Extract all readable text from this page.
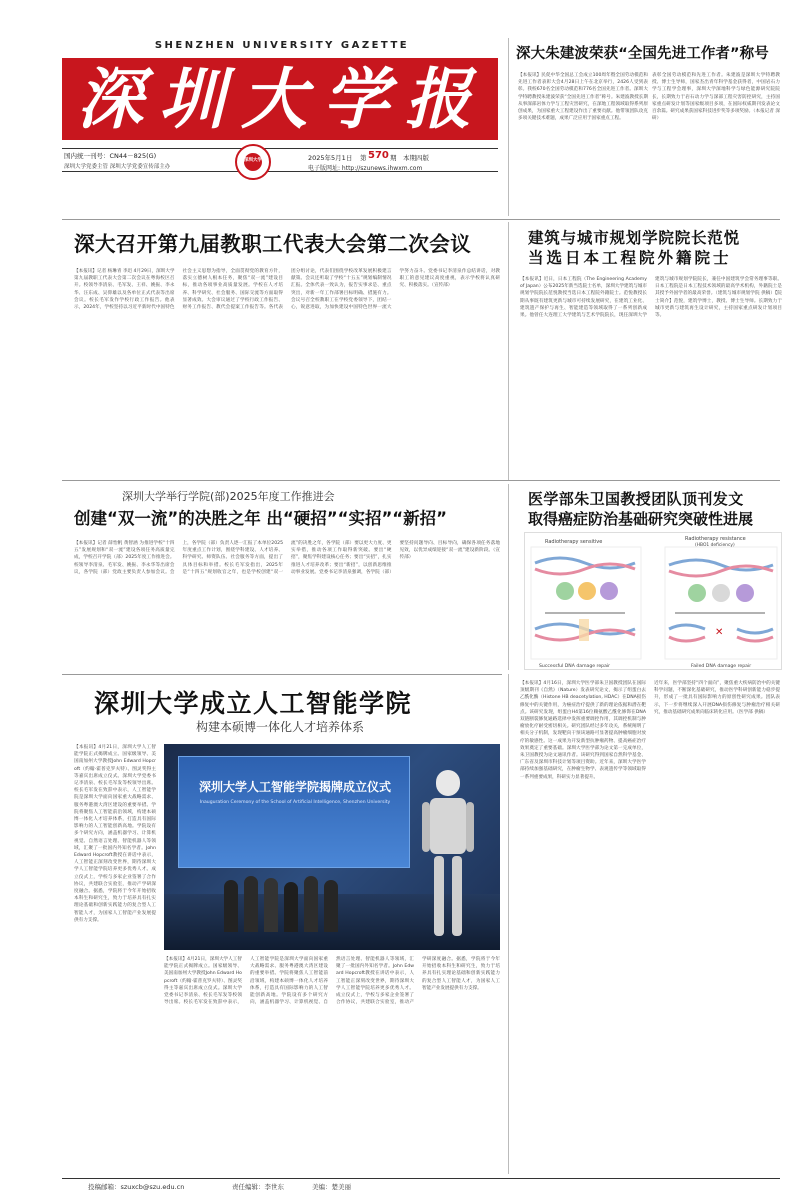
SHENZHEN UNIVERSITY GAZETTE
深圳大学报
国内统一刊号：CN44－825(G)
深圳大学党委主管 深圳大学党委宣传部主办
深圳大学	2025年5月1日 第 570 期 本期四版
电子版网址: http://szunews.ihwxm.com
深大朱建波荣获“全国先进工作者”称号
【本报讯】民促中华全国总工会成立100周年暨全国劳动模范和先进工作者表彰大会4月28日上午在北京举行，2426人受到表彰。我校670名全国劳动模范和776名全国先进工作者。深圳大学特聘教授朱建波荣获“全国先进工作者”称号。朱建波教授长期从事深部岩体力学与工程灾害研究，在深地工程领域取得系列原创成果，为国家重大工程建设作出了重要贡献。他带领团队攻克多项关键技术难题，成果广泛应用于国家重点工程。
表彰全国劳动模范和先进工作者。朱建波是深圳大学特聘教授、博士生导师，国家杰出青年科学基金获得者，中国岩石力学与工程学会理事，深圳大学深地科学与绿色能源研究院院长，长期致力于岩石动力学与深部工程灾害防控研究，主持国家重点研发计划等国家级项目多项，在国际权威期刊发表论文百余篇。研究成果获国家科技进步奖等多项奖励。（本报记者 深研）
深大召开第九届教职工代表大会第二次会议
【本报讯】记者 杨琳青 李迅 4月29日，深圳大学第九届教职工代表大会第二次会议在粤海校区召开。校领导李清泉、毛军发、王祥、姚振、李永华、汪东成、吴仰雄以及各单位正式代表等出席会议。校长毛军发作学校行政工作报告。他表示，2024年，学校坚持以习近平新时代中国特色社会主义思想为指导，全面贯彻党的教育方针，落实立德树人根本任务，聚焦“双一流”建设目标，推动各项事业高质量发展。学校在人才培养、科学研究、社会服务、国际交流等方面取得显著成效。大会审议通过了学校行政工作报告、财务工作报告、教代会提案工作报告等。各代表团分组讨论，代表们围绕学校改革发展积极建言献策。会议还听取了学校“十五五”规划编制情况汇报。全体代表一致认为，报告实事求是、重点突出，对新一年工作部署目标明确、措施有力。会议号召全校教职工在学校党委领导下，团结一心，锐意进取，为加快建设中国特色世界一流大学努力奋斗。党委书记李清泉作总结讲话，对教职工的意见建议高度重视，表示学校将认真研究、积极落实。（宣传部）
建筑与城市规划学院院长范悦
当选日本工程院外籍院士
【本报讯】近日，日本工程院（The Engineering Academy of Japan）公布2025年新当选院士名单，深圳大学建筑与城市规划学院院长范悦教授当选日本工程院外籍院士。范悦教授长期从事既有建筑更新与城市可持续发展研究，在建筑工业化、建筑遗产保护与再生、智能建造等领域取得了一系列创新成果。他曾任大连理工大学建筑与艺术学院院长，现任深圳大学建筑与城市规划学院院长，兼任中国建筑学会常务理事等职。日本工程院是日本工程技术领域的最高学术机构，外籍院士是其授予外国学者的最高荣誉。（建筑与城市规划学院 供稿）【院士简介】范悦，建筑学博士，教授、博士生导师。长期致力于城市更新与建筑再生设计研究，主持国家重点研发计划项目等。
深圳大学举行学院(部)2025年度工作推进会
创建“双一流”的决胜之年 出“硬招”“实招”“新招”
【本报讯】记者 薛怡帆 黄智涵 为推进学校“十四五”发展规划和“双一流”建设各项任务高质量完成，学校召开学院（部）2025年度工作推进会。校领导李清泉、毛军发、姚振、李永华等出席会议，各学院（部）党政主要负责人参加会议。会上，各学院（部）负责人逐一汇报了本单位2025年度重点工作计划，围绕学科建设、人才培养、科学研究、师资队伍、社会服务等方面，提出了具体目标和举措。校长毛军发指出，2025年是“十四五”规划收官之年，也是学校创建“双一流”的决胜之年，各学院（部）要以更大力度、更实举措，推动各项工作取得新突破。要出“硬招”，聚焦学科建设核心任务；要出“实招”，扎实推进人才培养改革；要出“新招”，以创新思维推动事业发展。党委书记李清泉强调，各学院（部）要坚持问题导向、目标导向，确保各项任务落地见效，以优异成绩迎接“双一流”建设新阶段。（宣传部）
医学部朱卫国教授团队顶刊发文
取得癌症防治基础研究突破性进展
Radiotherapy sensitive
Successful DNA damage repair
✕
Radiotherapy resistance
(HBO1 deficiency)
Failed DNA damage repair
深圳大学成立人工智能学院
构建本硕博一体化人才培养体系
【本报讯】4月21日，深圳大学人工智能学院正式揭牌成立。国家级领导、美国南加州大学教授John Edward Hopcroft（约翰·霍普克罗夫特）、图灵奖得主等嘉宾出席成立仪式。深圳大学党委书记李清泉、校长毛军发等校领导出席。校长毛军发在致辞中表示，人工智能学院是深圳大学面向国家重大战略需求、服务粤港澳大湾区建设的重要举措。学院将聚焦人工智能前沿领域，构建本硕博一体化人才培养体系，打造具有国际影响力的人工智能创新高地。学院设有多个研究方向，涵盖机器学习、计算机视觉、自然语言处理、智能机器人等领域，汇聚了一批国内外知名学者。John Edward Hopcroft教授在讲话中表示，人工智能正深刻改变世界，期待深圳大学人工智能学院培养更多优秀人才。成立仪式上，学校与多家企业签署了合作协议，共建联合实验室，推动产学研深度融合。据悉，学院将于今年开始招收本科生和研究生，致力于培养具有扎实理论基础和创新实践能力的复合型人工智能人才，为国家人工智能产业发展提供有力支撑。
深圳大学人工智能学院揭牌成立仪式
Inauguration Ceremony of the School of Artificial Intelligence, Shenzhen University
【本报讯】4月21日，深圳大学人工智能学院正式揭牌成立。国家级领导、美国南加州大学教授John Edward Hopcroft（约翰·霍普克罗夫特）、图灵奖得主等嘉宾出席成立仪式。深圳大学党委书记李清泉、校长毛军发等校领导出席。校长毛军发在致辞中表示，人工智能学院是深圳大学面向国家重大战略需求、服务粤港澳大湾区建设的重要举措。学院将聚焦人工智能前沿领域，构建本硕博一体化人才培养体系，打造具有国际影响力的人工智能创新高地。学院设有多个研究方向，涵盖机器学习、计算机视觉、自然语言处理、智能机器人等领域，汇聚了一批国内外知名学者。John Edward Hopcroft教授在讲话中表示，人工智能正深刻改变世界，期待深圳大学人工智能学院培养更多优秀人才。成立仪式上，学校与多家企业签署了合作协议，共建联合实验室，推动产学研深度融合。据悉，学院将于今年开始招收本科生和研究生，致力于培养具有扎实理论基础和创新实践能力的复合型人工智能人才，为国家人工智能产业发展提供有力支撑。
【本报讯】4月16日，深圳大学医学部朱卫国教授团队在国际顶级期刊《自然》（Nature）发表研究论文，揭示了组蛋白去乙酰化酶（Histone HB deacetylation, HDAC）在DNA损伤修复中的关键作用，为癌症治疗提供了新的理论依据和潜在靶点。该研究发现，组蛋白H4第16位赖氨酸乙酰化修饰在DNA双链断裂修复通路选择中发挥重要调控作用，其调控机制与肿瘤放化疗耐受密切相关。研究团队经过多年攻关，系统阐明了相关分子机制，发现靶向干预该通路可显著提高肿瘤细胞对放疗的敏感性。这一成果为开发新型抗肿瘤药物、提高癌症治疗效果奠定了重要基础。深圳大学医学部为论文第一完成单位，朱卫国教授为论文通讯作者。该研究得到国家自然科学基金、广东省及深圳市科技计划等项目资助。近年来，深圳大学医学部持续加强基础研究，在肿瘤生物学、表观遗传学等领域取得一系列重要成果，科研实力显著提升。
近年来，医学部坚持“四个面向”，聚焦重大疾病防治中的关键科学问题，不断深化基础研究，推动医学科研创新能力稳步提升，形成了一批具有国际影响力的原创性研究成果。团队表示，下一步将继续深入开展DNA损伤修复与肿瘤治疗相关研究，推动基础研究成果向临床转化应用。（医学部 供稿）
投稿邮箱：szuxcb@szu.edu.cn	责任编辑：李世东	美编：楚美丽
